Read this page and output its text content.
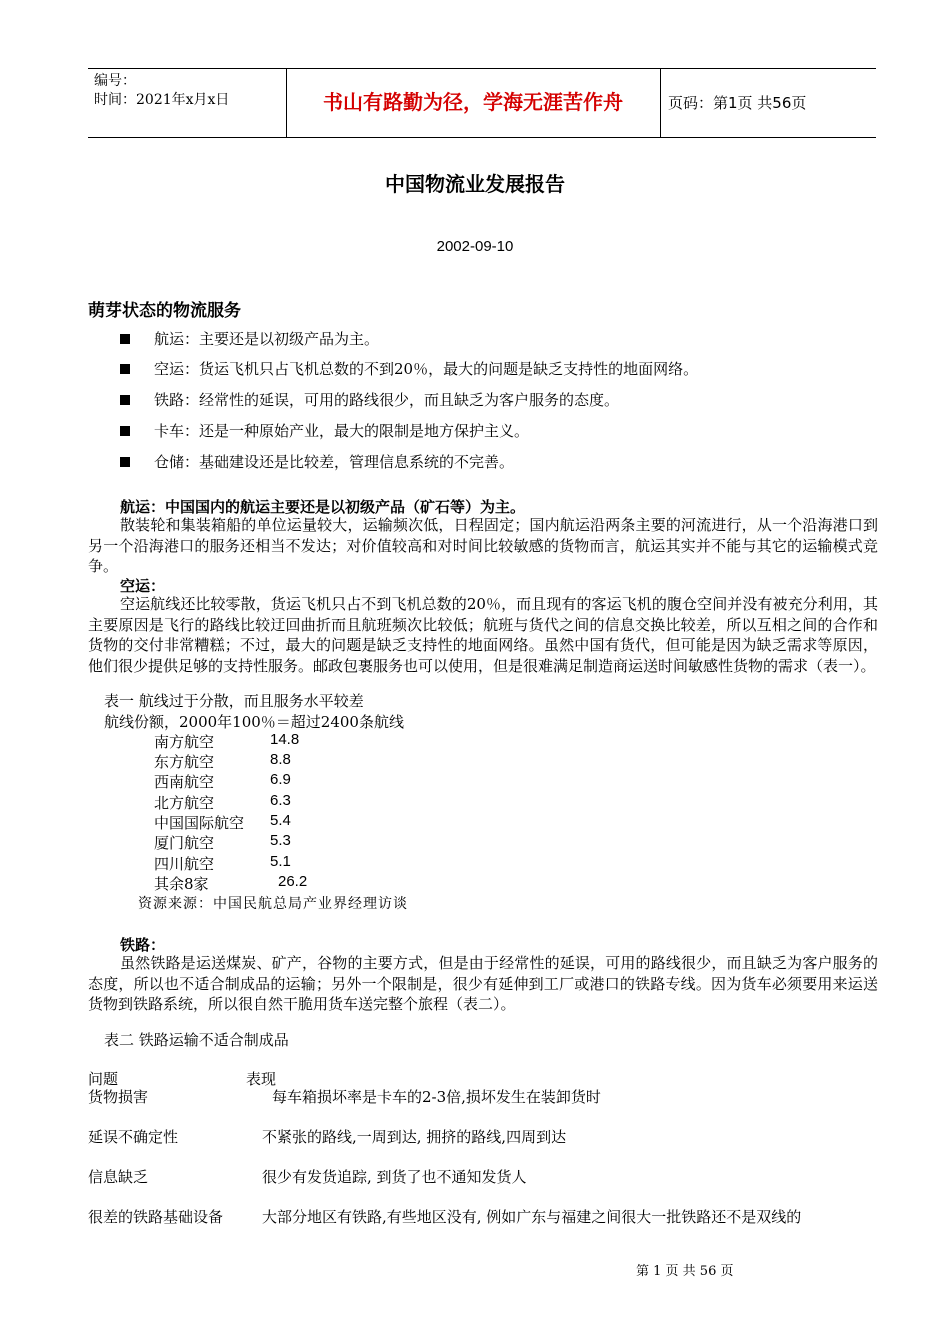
编号：
时间：2021年x月x日	书山有路勤为径，学海无涯苦作舟	页码：第1页 共56页
中国物流业发展报告
2002-09-10
萌芽状态的物流服务
航运：主要还是以初级产品为主。
空运：货运飞机只占飞机总数的不到20％，最大的问题是缺乏支持性的地面网络。
铁路：经常性的延误，可用的路线很少，而且缺乏为客户服务的态度。
卡车：还是一种原始产业，最大的限制是地方保护主义。
仓储：基础建设还是比较差，管理信息系统的不完善。
航运：中国国内的航运主要还是以初级产品（矿石等）为主。

散装轮和集装箱船的单位运量较大，运输频次低，日程固定；国内航运沿两条主要的河流进行，从一个沿海港口到另一个沿海港口的服务还相当不发达；对价值较高和对时间比较敏感的货物而言，航运其实并不能与其它的运输模式竞争。

空运：

空运航线还比较零散，货运飞机只占不到飞机总数的20％，而且现有的客运飞机的腹仓空间并没有被充分利用，其主要原因是飞行的路线比较迂回曲折而且航班频次比较低；航班与货代之间的信息交换比较差，所以互相之间的合作和货物的交付非常糟糕；不过，最大的问题是缺乏支持性的地面网络。虽然中国有货代，但可能是因为缺乏需求等原因，他们很少提供足够的支持性服务。邮政包裹服务也可以使用，但是很难满足制造商运送时间敏感性货物的需求（表一）。

表一 航线过于分散，而且服务水平较差
航线份额，2000年100％＝超过2400条航线
南方航空	14.8
东方航空	8.8
西南航空	6.9
北方航空	6.3
中国国际航空 5.4
厦门航空	5.3
四川航空	5.1
其余8家	26.2
资源来源：中国民航总局产业界经理访谈
铁路：

虽然铁路是运送煤炭、矿产，谷物的主要方式，但是由于经常性的延误，可用的路线很少，而且缺乏为客户服务的态度，所以也不适合制成品的运输；另外一个限制是，很少有延伸到工厂或港口的铁路专线。因为货车必须要用来运送货物到铁路系统，所以很自然干脆用货车送完整个旅程（表二）。

表二 铁路运输不适合制成品
问题	表现
货物损害	每车箱损坏率是卡车的2-3倍,损坏发生在装卸货时
延误不确定性	不紧张的路线,一周到达, 拥挤的路线,四周到达
信息缺乏	很少有发货追踪, 到货了也不通知发货人
很差的铁路基础设备	大部分地区有铁路,有些地区没有, 例如广东与福建之间很大一批铁路还不是双线的
第 1 页 共 56 页
